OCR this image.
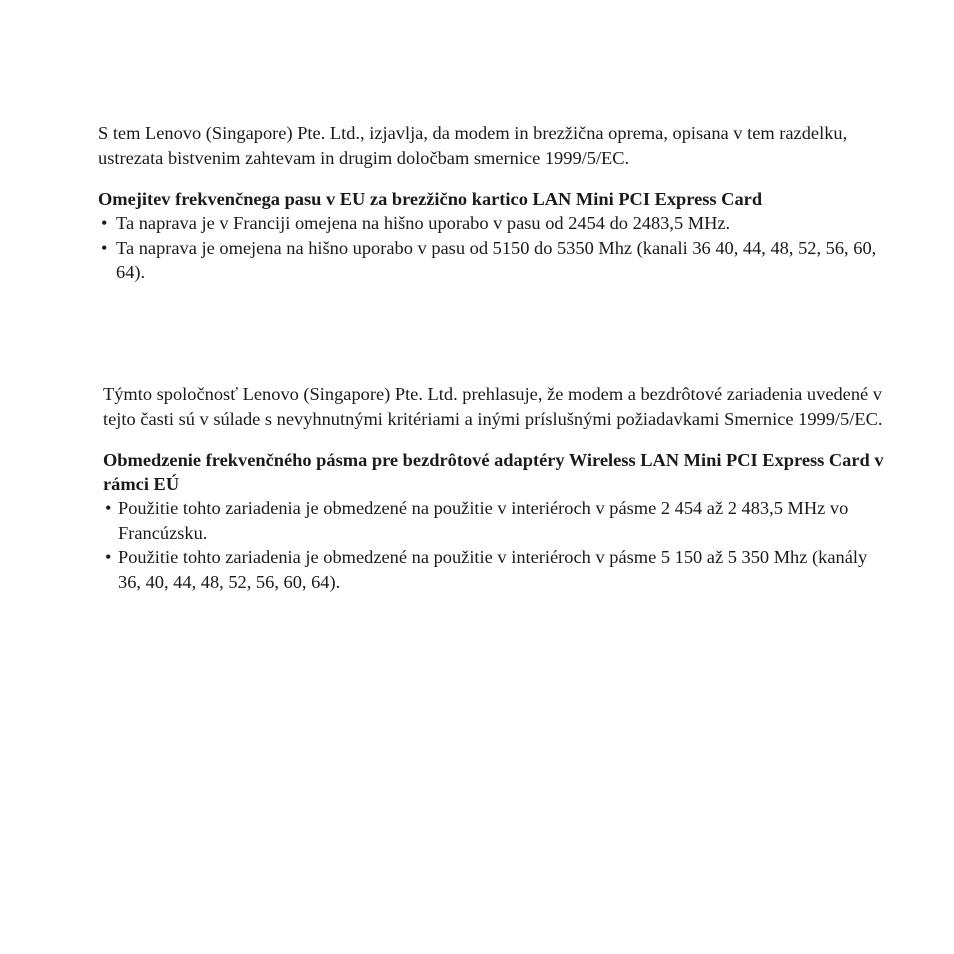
S tem Lenovo (Singapore) Pte. Ltd., izjavlja, da modem in brezžična oprema, opisana v tem razdelku, ustrezata bistvenim zahtevam in drugim določbam smernice 1999/5/EC.

Omejitev frekvenčnega pasu v EU za brezžično kartico LAN Mini PCI Express Card
• Ta naprava je v Franciji omejena na hišno uporabo v pasu od 2454 do 2483,5 MHz.
• Ta naprava je omejena na hišno uporabo v pasu od 5150 do 5350 Mhz (kanali 36 40, 44, 48, 52, 56, 60, 64).

Týmto spoločnosť Lenovo (Singapore) Pte. Ltd. prehlasuje, že modem a bezdrôtové zariadenia uvedené v tejto časti sú v súlade s nevyhnutnými kritériami a inými príslušnými požiadavkami Smernice 1999/5/EC.

Obmedzenie frekvenčného pásma pre bezdrôtové adaptéry Wireless LAN Mini PCI Express Card v rámci EÚ
• Použitie tohto zariadenia je obmedzené na použitie v interiéroch v pásme 2 454 až 2 483,5 MHz vo Francúzsku.
• Použitie tohto zariadenia je obmedzené na použitie v interiéroch v pásme 5 150 až 5 350 Mhz (kanály 36, 40, 44, 48, 52, 56, 60, 64).
